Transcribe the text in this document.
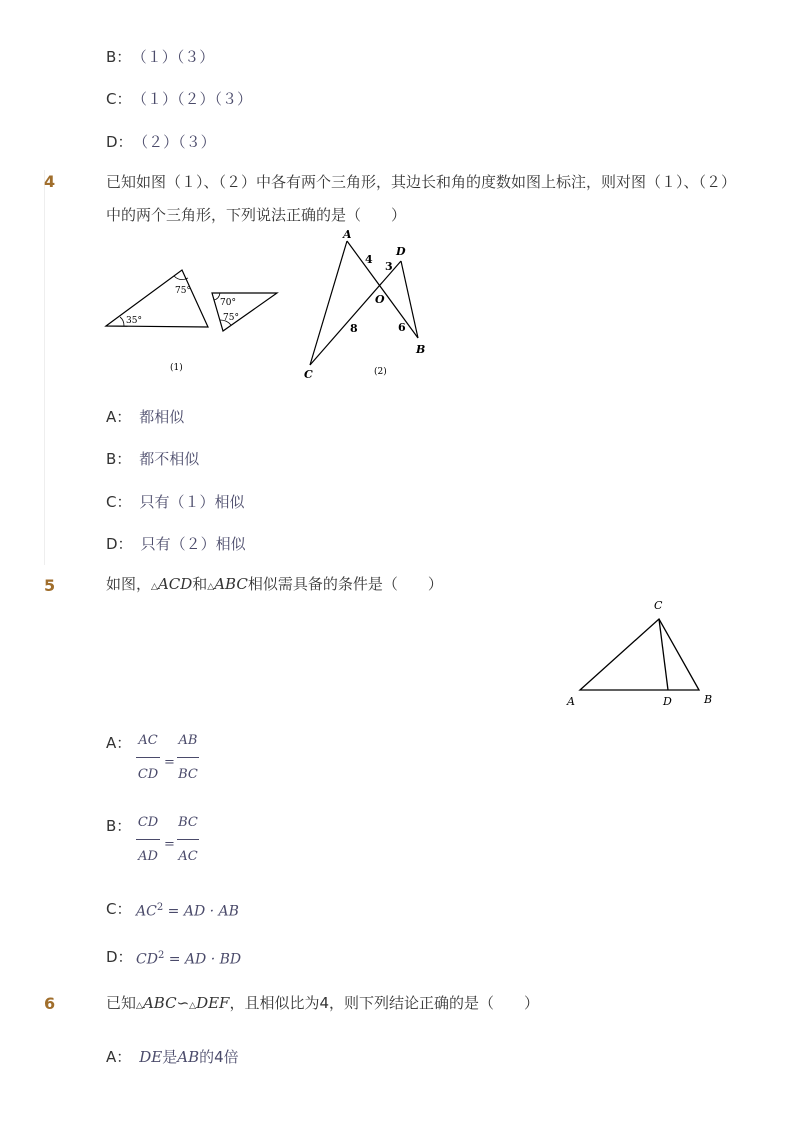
B： （１）（３）
C： （１）（２）（３）
D： （２）（３）
4	已知如图（１）、（２）中各有两个三角形，其边长和角的度数如图上标注，则对图（１）、（２）
中的两个三角形，下列说法正确的是（　　）
75°
35°
70°
75°
(1)
A
D
O
B
C
4
3
8	6
(2)
A： 都相似
B： 都不相似
C： 只有（１）相似
D： 只有（２）相似
5	如图，△ACD和△ABC相似需具备的条件是（　　）
C
A	D	B
A： AC
CD
=
AB
BC
B： CD
AD
=
BC
AC
C： $AC^2$ = AD · AB
D： $CD^2$ = AD · BD
6	已知△ABC∽△DEF，且相似比为4，则下列结论正确的是（　　）
A： DE是AB的4倍
